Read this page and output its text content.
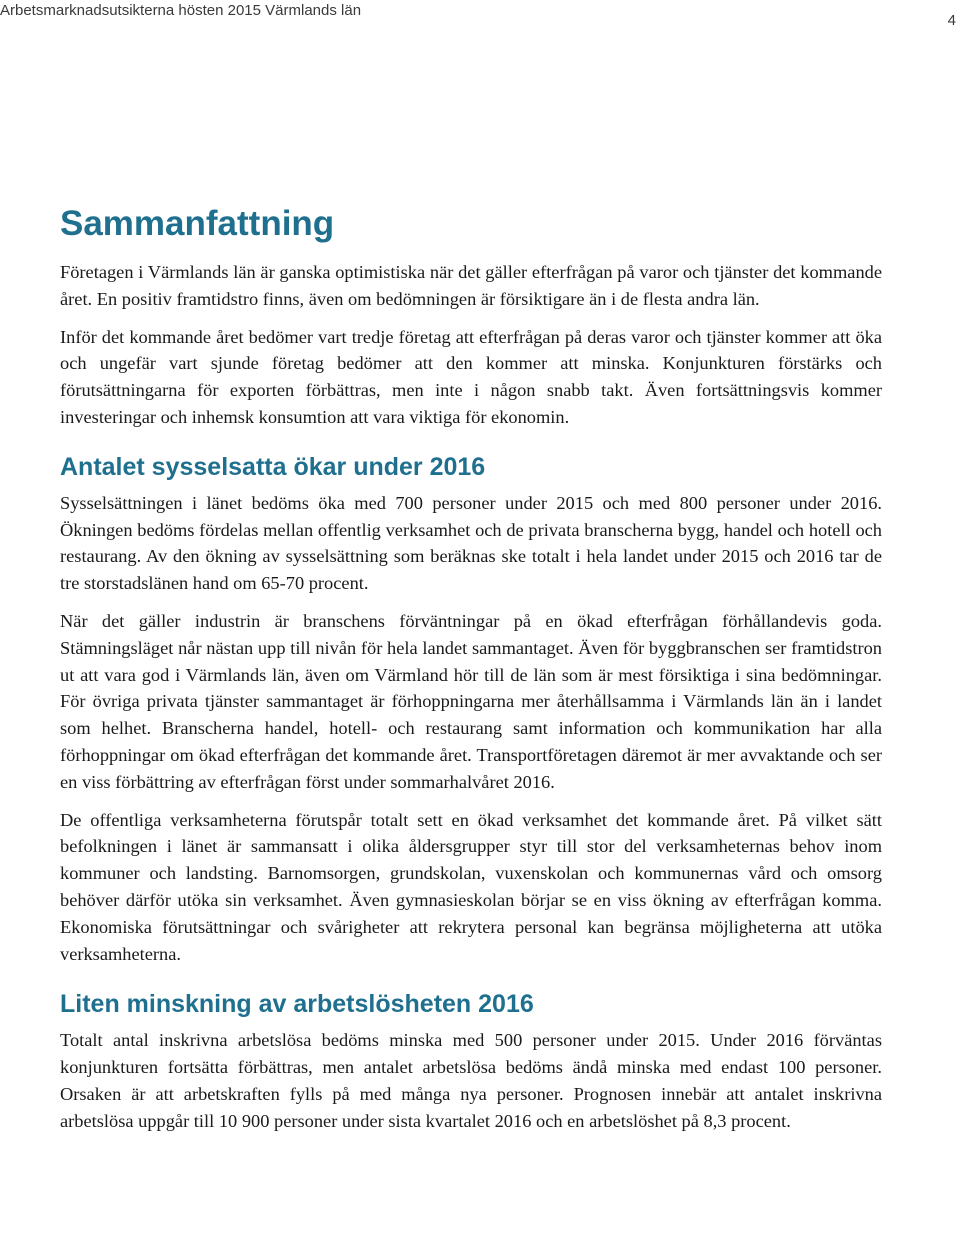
Arbetsmarknadsutsikterna hösten 2015 Värmlands län
4
Sammanfattning

Företagen i Värmlands län är ganska optimistiska när det gäller efterfrågan på varor och tjänster det kommande året. En positiv framtidstro finns, även om bedömningen är försiktigare än i de flesta andra län.

Inför det kommande året bedömer vart tredje företag att efterfrågan på deras varor och tjänster kommer att öka och ungefär vart sjunde företag bedömer att den kommer att minska. Konjunkturen förstärks och förutsättningarna för exporten förbättras, men inte i någon snabb takt. Även fortsättningsvis kommer investeringar och inhemsk konsumtion att vara viktiga för ekonomin.

Antalet sysselsatta ökar under 2016

Sysselsättningen i länet bedöms öka med 700 personer under 2015 och med 800 personer under 2016. Ökningen bedöms fördelas mellan offentlig verksamhet och de privata branscherna bygg, handel och hotell och restaurang. Av den ökning av sysselsättning som beräknas ske totalt i hela landet under 2015 och 2016 tar de tre storstadslänen hand om 65-70 procent.

När det gäller industrin är branschens förväntningar på en ökad efterfrågan förhållandevis goda. Stämningsläget når nästan upp till nivån för hela landet sammantaget. Även för byggbranschen ser framtidstron ut att vara god i Värmlands län, även om Värmland hör till de län som är mest försiktiga i sina bedömningar. För övriga privata tjänster sammantaget är förhoppningarna mer återhållsamma i Värmlands län än i landet som helhet. Branscherna handel, hotell- och restaurang samt information och kommunikation har alla förhoppningar om ökad efterfrågan det kommande året. Transportföretagen däremot är mer avvaktande och ser en viss förbättring av efterfrågan först under sommarhalvåret 2016.

De offentliga verksamheterna förutspår totalt sett en ökad verksamhet det kommande året. På vilket sätt befolkningen i länet är sammansatt i olika åldersgrupper styr till stor del verksamheternas behov inom kommuner och landsting. Barnomsorgen, grundskolan, vuxenskolan och kommunernas vård och omsorg behöver därför utöka sin verksamhet. Även gymnasieskolan börjar se en viss ökning av efterfrågan komma. Ekonomiska förutsättningar och svårigheter att rekrytera personal kan begränsa möjligheterna att utöka verksamheterna.

Liten minskning av arbetslösheten 2016

Totalt antal inskrivna arbetslösa bedöms minska med 500 personer under 2015. Under 2016 förväntas konjunkturen fortsätta förbättras, men antalet arbetslösa bedöms ändå minska med endast 100 personer. Orsaken är att arbetskraften fylls på med många nya personer. Prognosen innebär att antalet inskrivna arbetslösa uppgår till 10 900 personer under sista kvartalet 2016 och en arbetslöshet på 8,3 procent.
